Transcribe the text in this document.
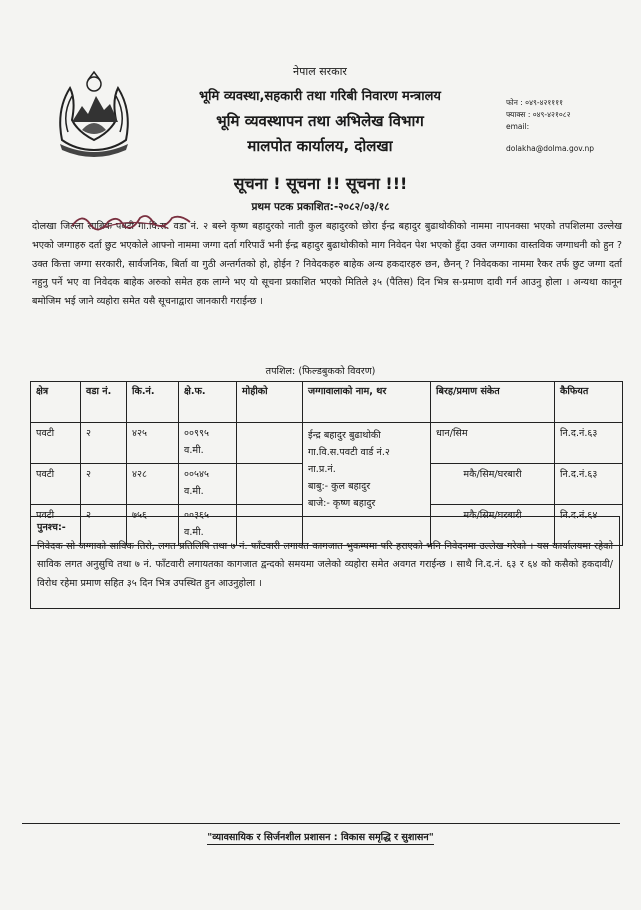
नेपाल सरकार
भूमि व्यवस्था,सहकारी तथा गरिबी निवारण मन्त्रालय
भूमि व्यवस्थापन तथा अभिलेख विभाग
मालपोत कार्यालय, दोलखा
फोन : ०४९-४२११११
फ्याक्स : ०४९-४२१०८२
email:
dolakha@dolma.gov.np
सूचना ! सूचना !! सूचना !!!
प्रथम पटक प्रकाशित:-२०८२/०३/१८
दोलखा जिल्ला साबिक पवटी गा.वि.स. वडा नं. २ बस्ने कृष्ण बहादुरको नाती कुल बहादुरको छोरा ईन्द्र बहादुर बुढाथोकीको नाममा नापनक्सा भएको तपशिलमा उल्लेख भएको जग्गाहरु दर्ता छुट भएकोले आफ्नो नाममा जग्गा दर्ता गरिपाउँ भनी ईन्द्र बहादुर बुढाथोकीको माग निवेदन पेश भएको हुँदा उक्त जग्गाका वास्तविक जग्गाधनी को हुन ? उक्त कित्ता जग्गा सरकारी, सार्वजनिक, बिर्ता वा गुठी अन्तर्गतको हो, होईन ? निवेदकहरु बाहेक अन्य हकदारहरु छन, छैनन् ? निवेदकका नाममा रैकर तर्फ छुट जग्गा दर्ता नहुनु पर्ने भए वा निवेदक बाहेक अरुको समेत हक लाग्ने भए यो सूचना प्रकाशित भएको मितिले ३५ (पैतिस) दिन भित्र स-प्रमाण दावी गर्न आउनु होला । अन्यथा कानून बमोजिम भई जाने व्यहोरा समेत यसै सूचनाद्वारा जानकारी गराईन्छ ।
तपशिल: (फिल्डबुकको विवरण)
क्षेत्र	वडा नं.	कि.नं.	क्षे.फ.	मोहीको	जग्गावालाको नाम, थर	बिरह/प्रमाण संकेत	कैफियत
पवटी	२	४२५	००९९५ व.मी.		ईन्द्र बहादुर बुढाथोकी
गा.वि.स.पवटी वार्ड नं.२
ना.प्र.नं.
बाबु:- कुल बहादुर
बाजे:- कृष्ण बहादुर	धान/सिम	नि.द.नं.६३
पवटी	२	४२८	००५४५ व.मी.			मकै/सिम/घरबारी	नि.द.नं.६३
पवटी	२	७५६	००३६५ व.मी.			मकै/सिम/घरबारी	नि.द.नं.६४
पुनश्च:-
निवेदक सो जग्गाको साविक तिरो, लगत प्रतिलिपि तथा ७ नं. फाँटवारी लगायत कागजात भुकम्पमा परि हराएको भनि निवेदनमा उल्लेख गरेको । यस कार्यालयमा रहेको साविक लगत अनुसुचि तथा ७ नं. फाँटवारी लगायतका कागजात द्वन्दको समयमा जलेको व्यहोरा समेत अवगत गराईन्छ । साथै नि.द.नं. ६३ र ६४ को कसैको हकदावी/विरोध रहेमा प्रमाण सहित ३५ दिन भित्र उपस्थित हुन आउनुहोला ।
"व्यावसायिक र सिर्जनशील प्रशासन : विकास समृद्धि र सुशासन"
